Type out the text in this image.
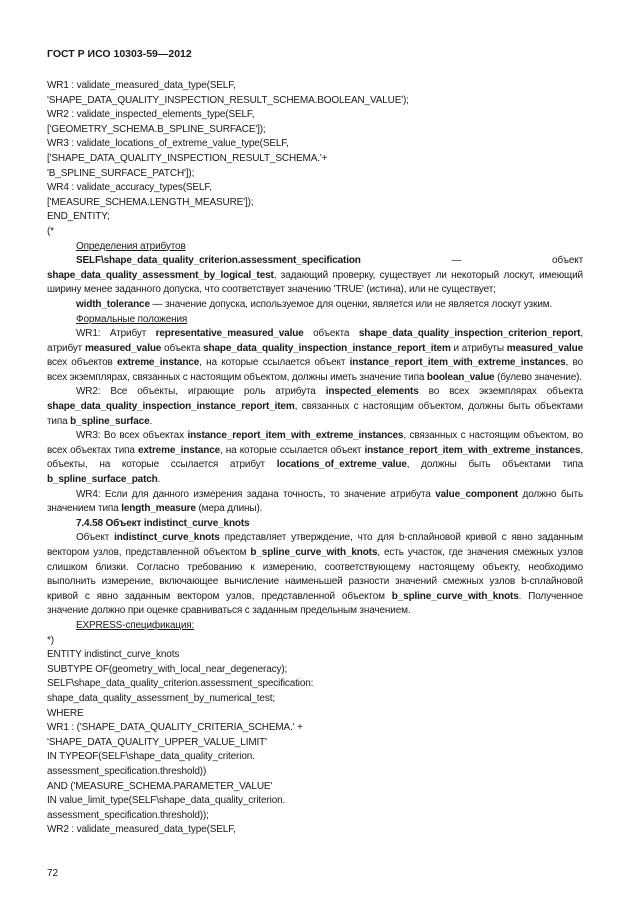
ГОСТ Р ИСО 10303-59—2012
WR1 : validate_measured_data_type(SELF,
'SHAPE_DATA_QUALITY_INSPECTION_RESULT_SCHEMA.BOOLEAN_VALUE');
WR2 : validate_inspected_elements_type(SELF,
['GEOMETRY_SCHEMA.B_SPLINE_SURFACE']);
WR3 : validate_locations_of_extreme_value_type(SELF,
['SHAPE_DATA_QUALITY_INSPECTION_RESULT_SCHEMA.'+
'B_SPLINE_SURFACE_PATCH']);
WR4 : validate_accuracy_types(SELF,
['MEASURE_SCHEMA.LENGTH_MEASURE']);
END_ENTITY;
(*
Определения атрибутов
SELF\shape_data_quality_criterion.assessment_specification — объект shape_data_quality_assessment_by_logical_test, задающий проверку, существует ли некоторый лоскут, имеющий ширину менее заданного допуска, что соответствует значению 'TRUE' (истина), или не существует;
width_tolerance — значение допуска, используемое для оценки, является или не является лоскут узким.
Формальные положения
WR1: Атрибут representative_measured_value объекта shape_data_quality_inspection_criterion_report, атрибут measured_value объекта shape_data_quality_inspection_instance_report_item и атрибуты measured_value всех объектов extreme_instance, на которые ссылается объект instance_report_item_with_extreme_instances, во всех экземплярах, связанных с настоящим объектом, должны иметь значение типа boolean_value (булево значение).
WR2: Все объекты, играющие роль атрибута inspected_elements во всех экземплярах объекта shape_data_quality_inspection_instance_report_item, связанных с настоящим объектом, должны быть объектами типа b_spline_surface.
WR3: Во всех объектах instance_report_item_with_extreme_instances, связанных с настоящим объектом, во всех объектах типа extreme_instance, на которые ссылается объект instance_report_item_with_extreme_instances, объекты, на которые ссылается атрибут locations_of_extreme_value, должны быть объектами типа b_spline_surface_patch.
WR4: Если для данного измерения задана точность, то значение атрибута value_component должно быть значением типа length_measure (мера длины).
7.4.58 Объект indistinct_curve_knots
Объект indistinct_curve_knots представляет утверждение, что для b-сплайновой кривой с явно заданным вектором узлов, представленной объектом b_spline_curve_with_knots, есть участок, где значения смежных узлов слишком близки. Согласно требованию к измерению, соответствующему настоящему объекту, необходимо выполнить измерение, включающее вычисление наименьшей разности значений смежных узлов b-сплайновой кривой с явно заданным вектором узлов, представленной объектом b_spline_curve_with_knots. Полученное значение должно при оценке сравниваться с заданным предельным значением.
EXPRESS-спецификация:
*)
ENTITY indistinct_curve_knots
SUBTYPE OF(geometry_with_local_near_degeneracy);
SELF\shape_data_quality_criterion.assessment_specification:
shape_data_quality_assessment_by_numerical_test;
WHERE
WR1 : ('SHAPE_DATA_QUALITY_CRITERIA_SCHEMA.' +
'SHAPE_DATA_QUALITY_UPPER_VALUE_LIMIT'
IN TYPEOF(SELF\shape_data_quality_criterion.
assessment_specification.threshold))
AND ('MEASURE_SCHEMA.PARAMETER_VALUE'
IN value_limit_type(SELF\shape_data_quality_criterion.
assessment_specification.threshold));
WR2 : validate_measured_data_type(SELF,
72
